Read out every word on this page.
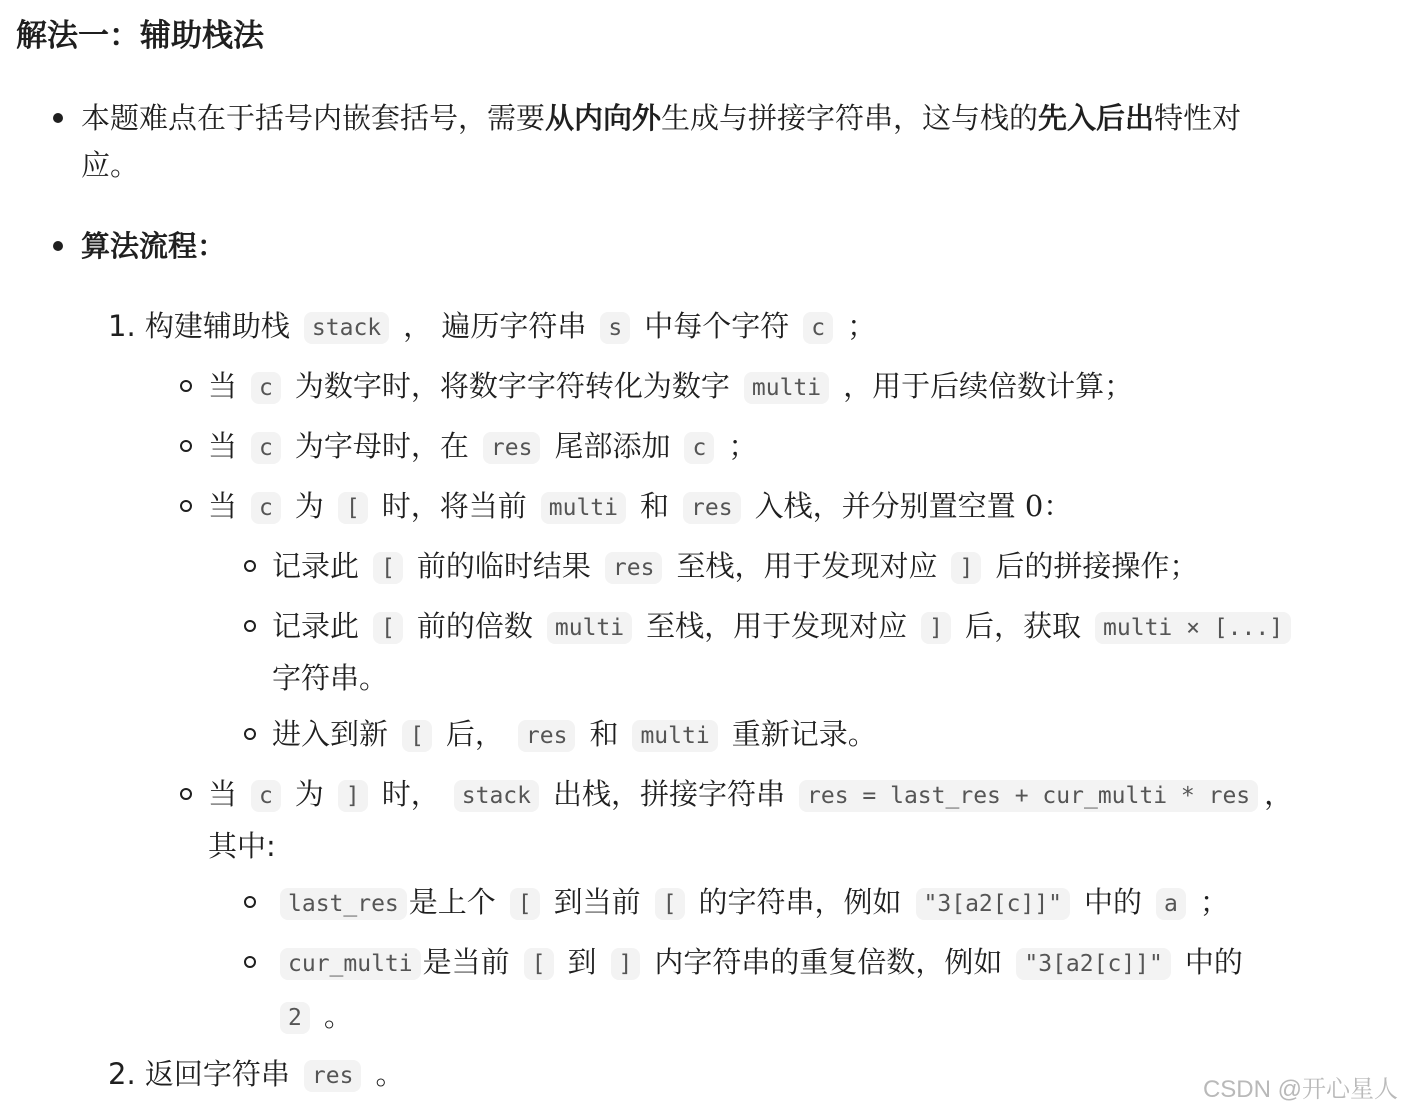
解法一：辅助栈法
本题难点在于括号内嵌套括号，需要从内向外生成与拼接字符串，这与栈的先入后出特性对
应。
算法流程：
1. 构建辅助栈 stack ， 遍历字符串 s 中每个字符 c ；
当 c 为数字时，将数字字符转化为数字 multi ，用于后续倍数计算；
当 c 为字母时，在 res 尾部添加 c ；
当 c 为 [ 时，将当前 multi 和 res 入栈，并分别置空置 0：
记录此 [ 前的临时结果 res 至栈，用于发现对应 ] 后的拼接操作；
记录此 [ 前的倍数 multi 至栈，用于发现对应 ] 后，获取 multi × [...]
字符串。
进入到新 [ 后， res 和 multi 重新记录。
当 c 为 ] 时， stack 出栈，拼接字符串 res = last_res + cur_multi * res ，
其中:
last_res 是上个 [ 到当前 [ 的字符串，例如 "3[a2[c]]" 中的 a ；
cur_multi 是当前 [ 到 ] 内字符串的重复倍数，例如 "3[a2[c]]" 中的
2 。
2. 返回字符串 res 。	CSDN @开心星人
